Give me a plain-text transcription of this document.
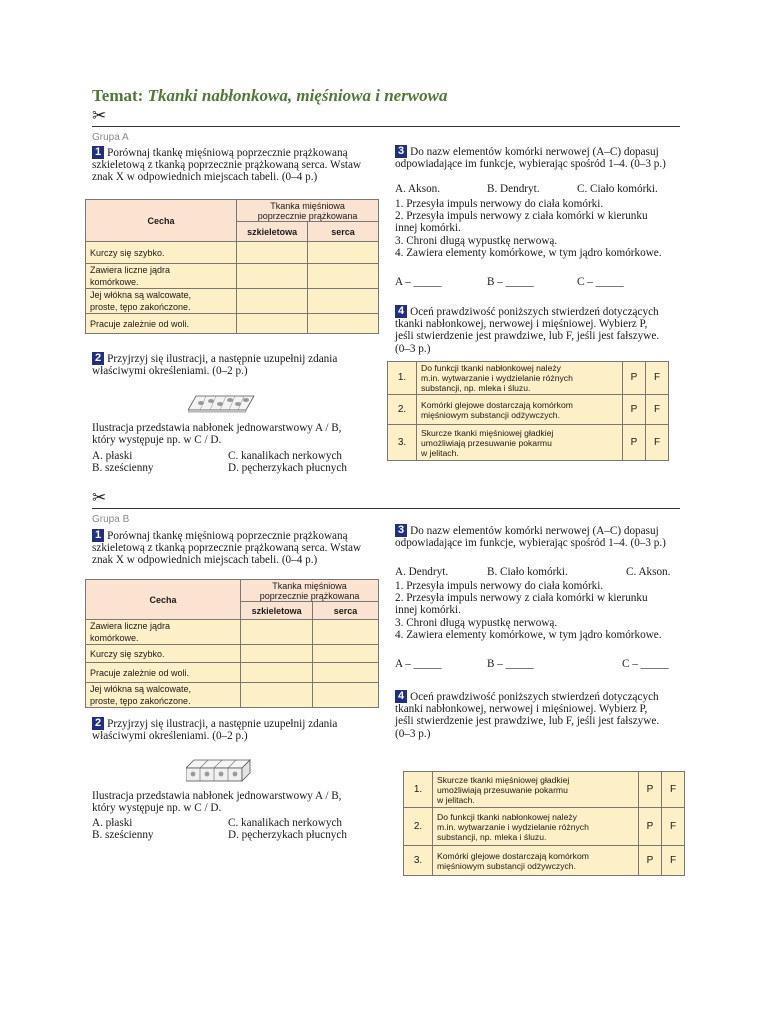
Temat: Tkanki nabłonkowa, mięśniowa i nerwowa
✂
Grupa A
1 Porównaj tkankę mięśniową poprzecznie prążkowaną
szkieletową z tkanką poprzecznie prążkowaną serca. Wstaw
znak X w odpowiednich miejscach tabeli. (0–4 p.)
Cecha	Tkanka mięśniowa
poprzecznie prążkowana	

	szkieletowa	serca
Kurczy się szybko.		

Zawiera liczne jądra
komórkowe.		

Jej włókna są walcowate,
proste, tępo zakończone.		

Pracuje zależnie od woli.		
2 Przyjrzyj się ilustracji, a następnie uzupełnij zdania
właściwymi określeniami. (0–2 p.)
Ilustracja przedstawia nabłonek jednowarstwowy A / B,
który występuje np. w C / D.
A. płaski
B. sześcienny
C. kanalikach nerkowych
D. pęcherzykach płucnych
3 Do nazw elementów komórki nerwowej (A–C) dopasuj
odpowiadające im funkcje, wybierając spośród 1–4. (0–3 p.)
A. Akson.	B. Dendryt.	C. Ciało komórki.
1. Przesyła impuls nerwowy do ciała komórki.
2. Przesyła impuls nerwowy z ciała komórki w kierunku
innej komórki.
3. Chroni długą wypustkę nerwową.
4. Zawiera elementy komórkowe, w tym jądro komórkowe.
A – _____	B – _____	C – _____
4 Oceń prawdziwość poniższych stwierdzeń dotyczących
tkanki nabłonkowej, nerwowej i mięśniowej. Wybierz P,
jeśli stwierdzenie jest prawdziwe, lub F, jeśli jest fałszywe.
(0–3 p.)
1.	Do funkcji tkanki nabłonkowej należy
m.in. wytwarzanie i wydzielanie różnych
substancji, np. mleka i śluzu.	P	F
2.	Komórki glejowe dostarczają komórkom
mięśniowym substancji odżywczych.	P	F
3.	Skurcze tkanki mięśniowej gładkiej
umożliwiają przesuwanie pokarmu
w jelitach.	P	F
✂
Grupa B
1 Porównaj tkankę mięśniową poprzecznie prążkowaną
szkieletową z tkanką poprzecznie prążkowaną serca. Wstaw
znak X w odpowiednich miejscach tabeli. (0–4 p.)
Cecha	Tkanka mięśniowa
poprzecznie prążkowana	

	szkieletowa	serca

Zawiera liczne jądra
komórkowe.		

Kurczy się szybko.		
Pracuje zależnie od woli.		

Jej włókna są walcowate,
proste, tępo zakończone.		

2 Przyjrzyj się ilustracji, a następnie uzupełnij zdania
właściwymi określeniami. (0–2 p.)
Ilustracja przedstawia nabłonek jednowarstwowy A / B,
który występuje np. w C / D.
A. płaski
B. sześcienny
C. kanalikach nerkowych
D. pęcherzykach płucnych
3 Do nazw elementów komórki nerwowej (A–C) dopasuj
odpowiadające im funkcje, wybierając spośród 1–4. (0–3 p.)
A. Dendryt.	B. Ciało komórki.	C. Akson.
1. Przesyła impuls nerwowy do ciała komórki.
2. Przesyła impuls nerwowy z ciała komórki w kierunku
innej komórki.
3. Chroni długą wypustkę nerwową.
4. Zawiera elementy komórkowe, w tym jądro komórkowe.
A – _____	B – _____	C – _____
4 Oceń prawdziwość poniższych stwierdzeń dotyczących
tkanki nabłonkowej, nerwowej i mięśniowej. Wybierz P,
jeśli stwierdzenie jest prawdziwe, lub F, jeśli jest fałszywe.
(0–3 p.)
1.	Skurcze tkanki mięśniowej gładkiej
umożliwiają przesuwanie pokarmu
w jelitach.	P	F
2.	Do funkcji tkanki nabłonkowej należy
m.in. wytwarzanie i wydzielanie różnych
substancji, np. mleka i śluzu.	P	F
3.	Komórki glejowe dostarczają komórkom
mięśniowym substancji odżywczych.	P	F
